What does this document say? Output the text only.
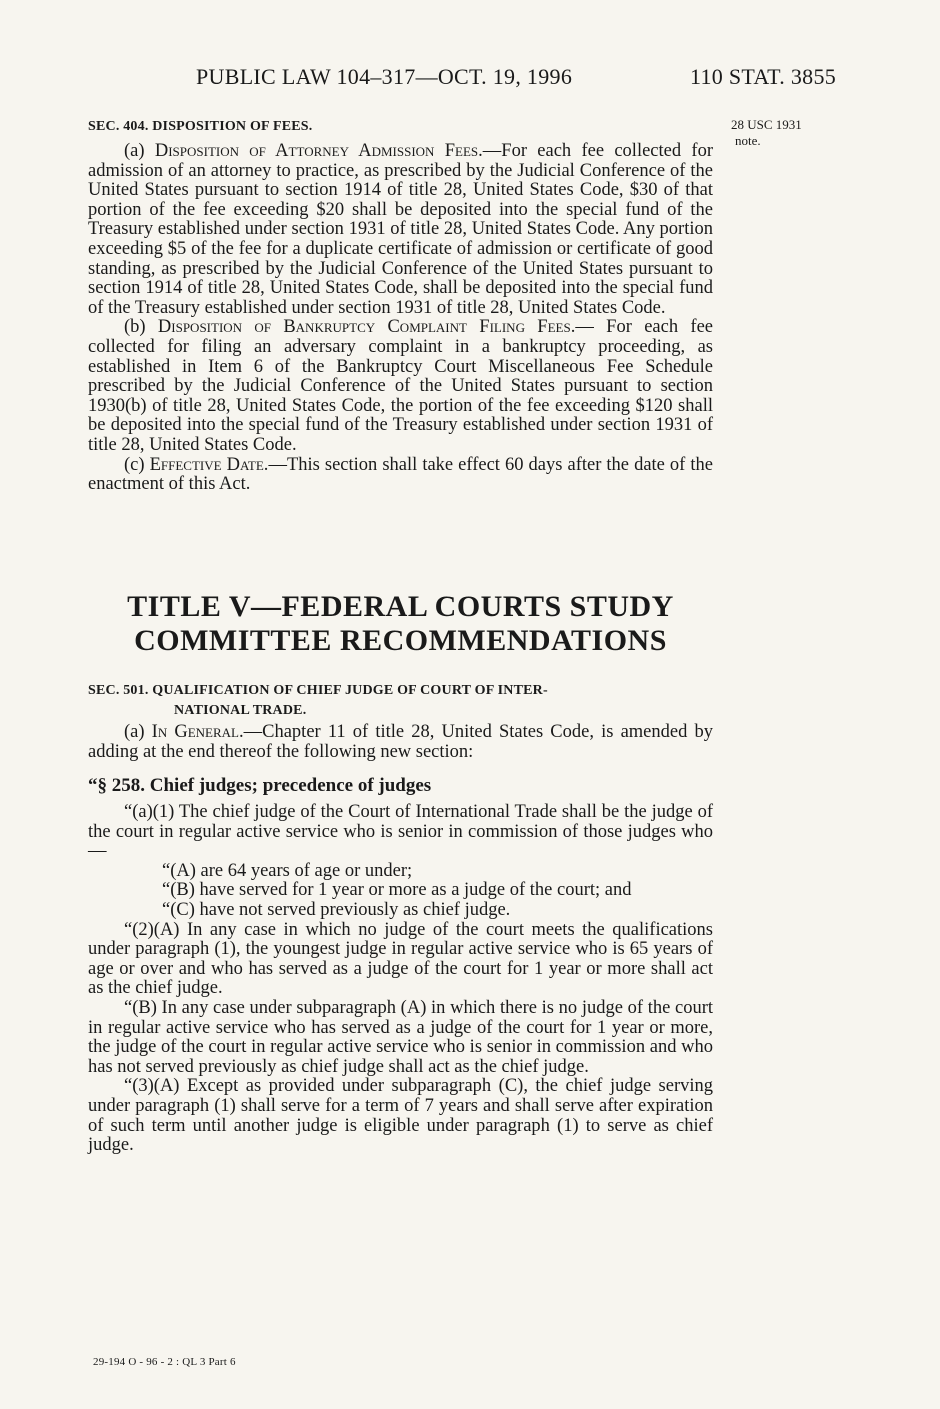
PUBLIC LAW 104–317—OCT. 19, 1996	110 STAT. 3855
28 USC 1931
note.

SEC. 404. DISPOSITION OF FEES.

(a) Disposition of Attorney Admission Fees.—For each fee collected for admission of an attorney to practice, as prescribed by the Judicial Conference of the United States pursuant to section 1914 of title 28, United States Code, $30 of that portion of the fee exceeding $20 shall be deposited into the special fund of the Treasury established under section 1931 of title 28, United States Code. Any portion exceeding $5 of the fee for a duplicate certificate of admission or certificate of good standing, as prescribed by the Judicial Conference of the United States pursuant to section 1914 of title 28, United States Code, shall be deposited into the special fund of the Treasury established under section 1931 of title 28, United States Code.

(b) Disposition of Bankruptcy Complaint Filing Fees.— For each fee collected for filing an adversary complaint in a bankruptcy proceeding, as established in Item 6 of the Bankruptcy Court Miscellaneous Fee Schedule prescribed by the Judicial Conference of the United States pursuant to section 1930(b) of title 28, United States Code, the portion of the fee exceeding $120 shall be deposited into the special fund of the Treasury established under section 1931 of title 28, United States Code.

(c) Effective Date.—This section shall take effect 60 days after the date of the enactment of this Act.

TITLE V—FEDERAL COURTS STUDY
COMMITTEE RECOMMENDATIONS
SEC. 501. QUALIFICATION OF CHIEF JUDGE OF COURT OF INTER-
NATIONAL TRADE.

(a) In General.—Chapter 11 of title 28, United States Code, is amended by adding at the end thereof the following new section:

“§ 258. Chief judges; precedence of judges

“(a)(1) The chief judge of the Court of International Trade shall be the judge of the court in regular active service who is senior in commission of those judges who—

“(A) are 64 years of age or under;

“(B) have served for 1 year or more as a judge of the court; and

“(C) have not served previously as chief judge.

“(2)(A) In any case in which no judge of the court meets the qualifications under paragraph (1), the youngest judge in regular active service who is 65 years of age or over and who has served as a judge of the court for 1 year or more shall act as the chief judge.

“(B) In any case under subparagraph (A) in which there is no judge of the court in regular active service who has served as a judge of the court for 1 year or more, the judge of the court in regular active service who is senior in commission and who has not served previously as chief judge shall act as the chief judge.

“(3)(A) Except as provided under subparagraph (C), the chief judge serving under paragraph (1) shall serve for a term of 7 years and shall serve after expiration of such term until another judge is eligible under paragraph (1) to serve as chief judge.

29-194 O - 96 - 2 : QL 3 Part 6
